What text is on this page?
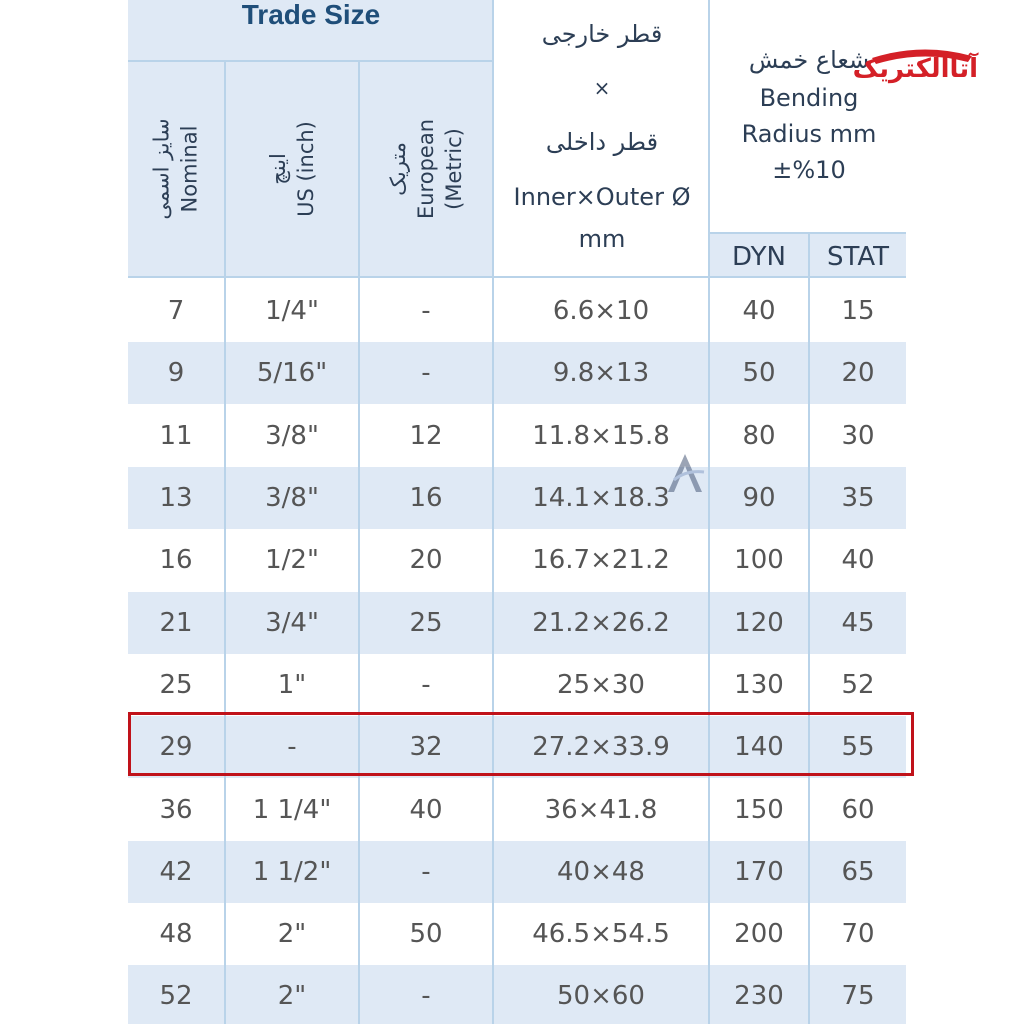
Trade Size
سایز اسمی Nominal	اینچ US (inch)	متریک European (Metric)
قطر خارجی
×
قطر داخلی
Inner×Outer Ø
mm
شعاع خمش
Bending
Radius mm
±%10
DYN	STAT
آتاالکتریک
7	1/4"	-	6.6×10	40	15
9	5/16"	-	9.8×13	50	20
11	3/8"	12	11.8×15.8	80	30
13	3/8"	16	14.1×18.3	90	35
16	1/2"	20	16.7×21.2	100	40
21	3/4"	25	21.2×26.2	120	45
25	1"	-	25×30	130	52
29	-	32	27.2×33.9	140	55
36	1 1/4"	40	36×41.8	150	60
42	1 1/2"	-	40×48	170	65
48	2"	50	46.5×54.5	200	70
52	2"	-	50×60	230	75
